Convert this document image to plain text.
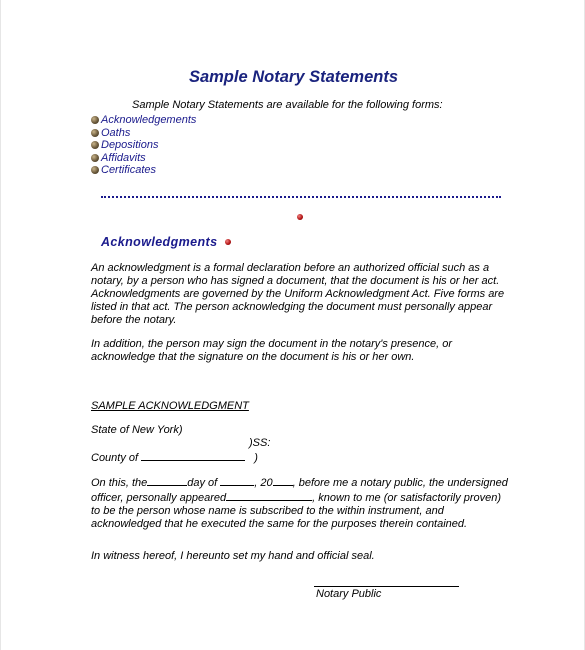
Sample Notary Statements

Sample Notary Statements are available for the following forms:

Acknowledgements
Oaths
Depositions
Affidavits
Certificates
Acknowledgments

An acknowledgment is a formal declaration before an authorized official such as a notary, by a person who has signed a document, that the document is his or her act. Acknowledgments are governed by the Uniform Acknowledgment Act. Five forms are listed in that act. The person acknowledging the document must personally appear before the notary.

In addition, the person may sign the document in the notary's presence, or acknowledge that the signature on the document is his or her own.

SAMPLE ACKNOWLEDGMENT

State of New York)

)SS:

County of	)

On this, the	day of	, 20 , before me a notary public, the undersigned officer, personally appeared	, known to me (or satisfactorily proven) to be the person whose name is subscribed to the within instrument, and acknowledged that he executed the same for the purposes therein contained.

In witness hereof, I hereunto set my hand and official seal.

Notary Public
